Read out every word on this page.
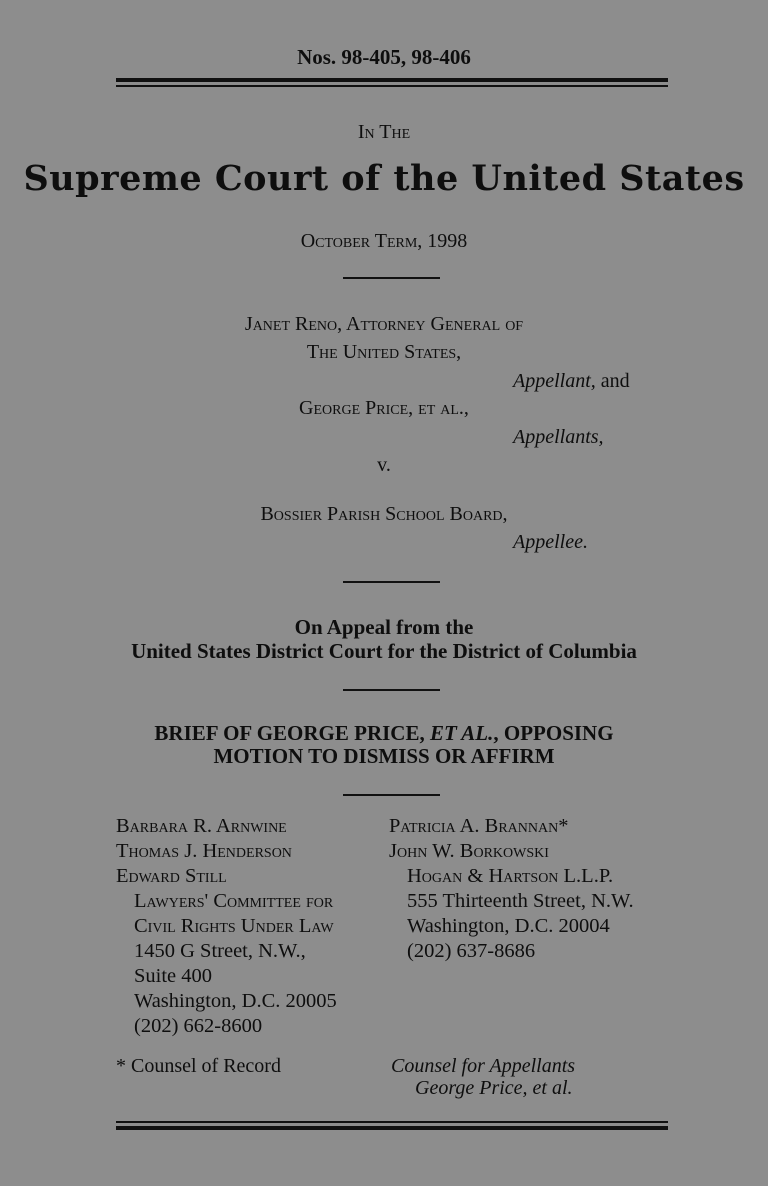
Nos. 98-405, 98-406
In The
Supreme Court of the United States
October Term, 1998
Janet Reno, Attorney General of
The United States,
Appellant, and
George Price, et al.,
Appellants,
v.
Bossier Parish School Board,
Appellee.
On Appeal from the
United States District Court for the District of Columbia
BRIEF OF GEORGE PRICE, ET AL., OPPOSING
MOTION TO DISMISS OR AFFIRM
Barbara R. Arnwine
Thomas J. Henderson
Edward Still
Lawyers' Committee for
Civil Rights Under Law
1450 G Street, N.W.,
Suite 400
Washington, D.C. 20005
(202) 662-8600
Patricia A. Brannan*
John W. Borkowski
Hogan & Hartson L.L.P.
555 Thirteenth Street, N.W.
Washington, D.C. 20004
(202) 637-8686
* Counsel of Record	Counsel for Appellants
George Price, et al.
